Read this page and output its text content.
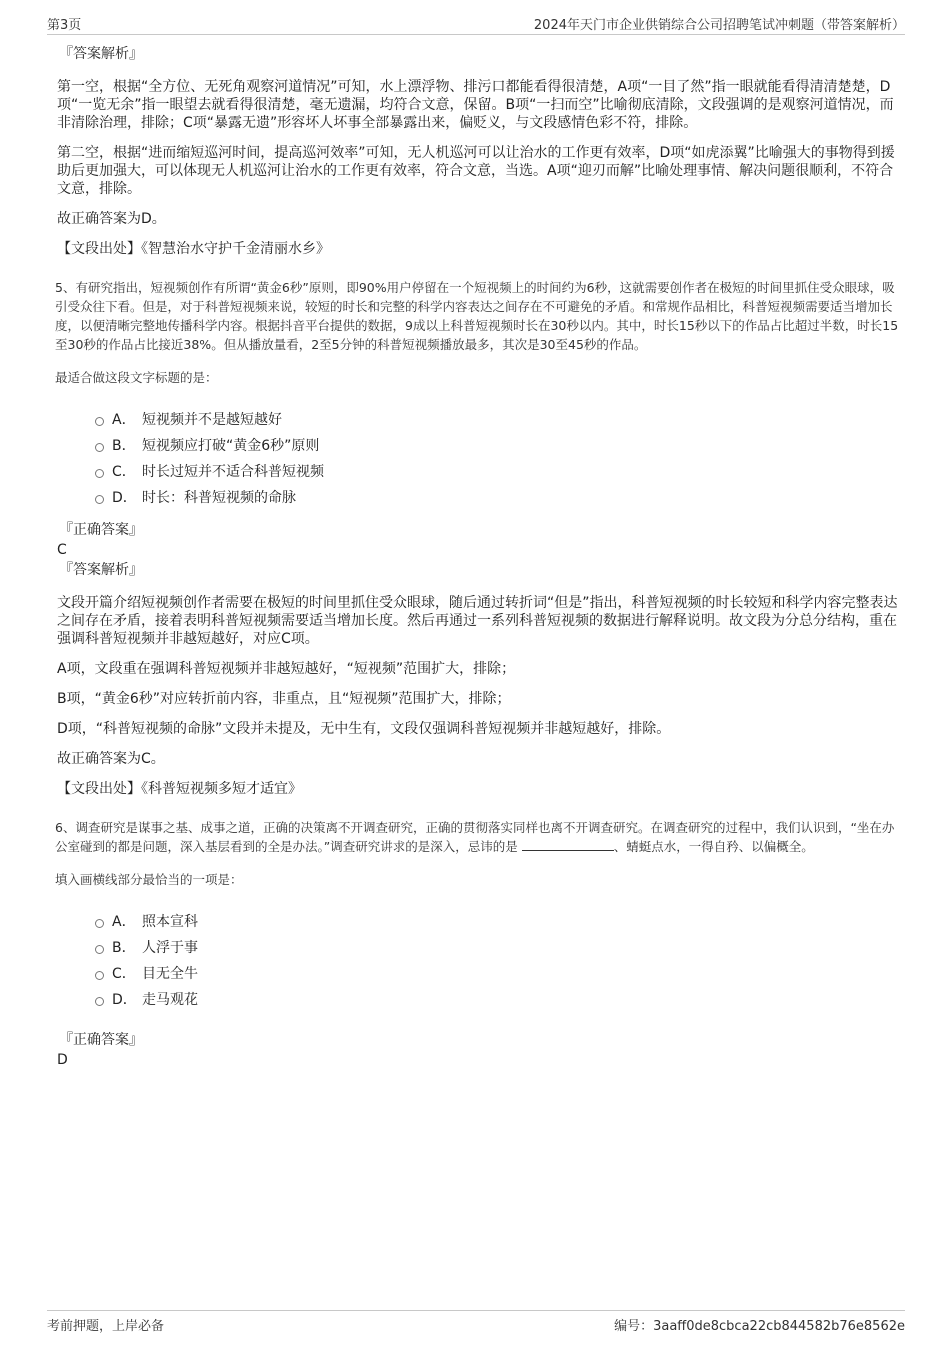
第3页	2024年天门市企业供销综合公司招聘笔试冲刺题（带答案解析）
『答案解析』

第一空，根据“全方位、无死角观察河道情况”可知，水上漂浮物、排污口都能看得很清楚，A项“一目了然”指一眼就能看得清清楚楚，D项“一览无余”指一眼望去就看得很清楚，毫无遗漏，均符合文意，保留。B项“一扫而空”比喻彻底清除，文段强调的是观察河道情况，而非清除治理，排除；C项“暴露无遗”形容坏人坏事全部暴露出来，偏贬义，与文段感情色彩不符，排除。

第二空，根据“进而缩短巡河时间，提高巡河效率”可知，无人机巡河可以让治水的工作更有效率，D项“如虎添翼”比喻强大的事物得到援助后更加强大，可以体现无人机巡河让治水的工作更有效率，符合文意，当选。A项“迎刃而解”比喻处理事情、解决问题很顺利，不符合文意，排除。

故正确答案为D。

【文段出处】《智慧治水守护千金清丽水乡》

5、有研究指出，短视频创作有所谓“黄金6秒”原则，即90%用户停留在一个短视频上的时间约为6秒，这就需要创作者在极短的时间里抓住受众眼球，吸引受众往下看。但是，对于科普短视频来说，较短的时长和完整的科学内容表达之间存在不可避免的矛盾。和常规作品相比，科普短视频需要适当增加长度，以便清晰完整地传播科学内容。根据抖音平台提供的数据，9成以上科普短视频时长在30秒以内。其中，时长15秒以下的作品占比超过半数，时长15至30秒的作品占比接近38%。但从播放量看，2至5分钟的科普短视频播放最多，其次是30至45秒的作品。

最适合做这段文字标题的是：

A． 短视频并不是越短越好
B． 短视频应打破“黄金6秒”原则
C． 时长过短并不适合科普短视频
D． 时长：科普短视频的命脉
『正确答案』
C
『答案解析』

文段开篇介绍短视频创作者需要在极短的时间里抓住受众眼球，随后通过转折词“但是”指出，科普短视频的时长较短和科学内容完整表达之间存在矛盾，接着表明科普短视频需要适当增加长度。然后再通过一系列科普短视频的数据进行解释说明。故文段为分总分结构，重在强调科普短视频并非越短越好，对应C项。

A项，文段重在强调科普短视频并非越短越好，“短视频”范围扩大，排除；

B项，“黄金6秒”对应转折前内容，非重点，且“短视频”范围扩大，排除；

D项，“科普短视频的命脉”文段并未提及，无中生有，文段仅强调科普短视频并非越短越好，排除。

故正确答案为C。

【文段出处】《科普短视频多短才适宜》

6、调查研究是谋事之基、成事之道，正确的决策离不开调查研究，正确的贯彻落实同样也离不开调查研究。在调查研究的过程中，我们认识到，“坐在办公室碰到的都是问题，深入基层看到的全是办法。”调查研究讲求的是深入，忌讳的是	、蜻蜓点水，一得自矜、以偏概全。

填入画横线部分最恰当的一项是：

A． 照本宣科
B． 人浮于事
C． 目无全牛
D． 走马观花
『正确答案』
D
考前押题，上岸必备	编号：3aaff0de8cbca22cb844582b76e8562e
